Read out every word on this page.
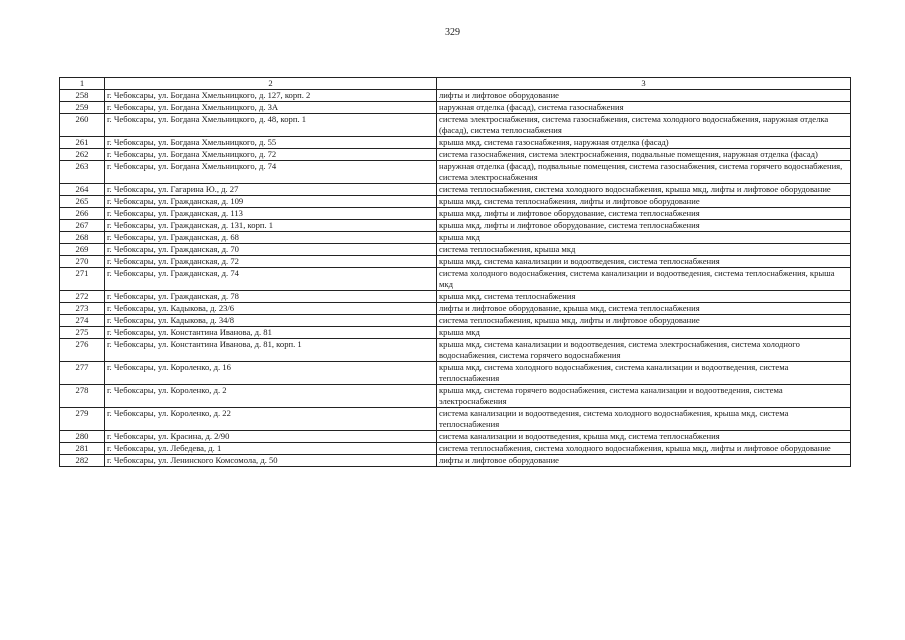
329
1	2	3
258	г. Чебоксары, ул. Богдана Хмельницкого, д. 127, корп. 2	лифты и лифтовое оборудование
259	г. Чебоксары, ул. Богдана Хмельницкого, д. 3А	наружная отделка (фасад), система газоснабжения
260	г. Чебоксары, ул. Богдана Хмельницкого, д. 48, корп. 1	система электроснабжения, система газоснабжения, система холодного водоснабжения, наружная отделка (фасад), система теплоснабжения
261	г. Чебоксары, ул. Богдана Хмельницкого, д. 55	крыша мкд, система газоснабжения, наружная отделка (фасад)
262	г. Чебоксары, ул. Богдана Хмельницкого, д. 72	система газоснабжения, система электроснабжения, подвальные помещения, наружная отделка (фасад)
263	г. Чебоксары, ул. Богдана Хмельницкого, д. 74	наружная отделка (фасад), подвальные помещения, система газоснабжения, система горячего водоснабжения, система электроснабжения
264	г. Чебоксары, ул. Гагарина Ю., д. 27	система теплоснабжения, система холодного водоснабжения, крыша мкд, лифты и лифтовое оборудование
265	г. Чебоксары, ул. Гражданская, д. 109	крыша мкд, система теплоснабжения, лифты и лифтовое оборудование
266	г. Чебоксары, ул. Гражданская, д. 113	крыша мкд, лифты и лифтовое оборудование, система теплоснабжения
267	г. Чебоксары, ул. Гражданская, д. 131, корп. 1	крыша мкд, лифты и лифтовое оборудование, система теплоснабжения
268	г. Чебоксары, ул. Гражданская, д. 68	крыша мкд
269	г. Чебоксары, ул. Гражданская, д. 70	система теплоснабжения, крыша мкд
270	г. Чебоксары, ул. Гражданская, д. 72	крыша мкд, система канализации и водоотведения, система теплоснабжения
271	г. Чебоксары, ул. Гражданская, д. 74	система холодного водоснабжения, система канализации и водоотведения, система теплоснабжения, крыша мкд
272	г. Чебоксары, ул. Гражданская, д. 78	крыша мкд, система теплоснабжения
273	г. Чебоксары, ул. Кадыкова, д. 23/6	лифты и лифтовое оборудование, крыша мкд, система теплоснабжения
274	г. Чебоксары, ул. Кадыкова, д. 34/8	система теплоснабжения, крыша мкд, лифты и лифтовое оборудование
275	г. Чебоксары, ул. Константина Иванова, д. 81	крыша мкд
276	г. Чебоксары, ул. Константина Иванова, д. 81, корп. 1	крыша мкд, система канализации и водоотведения, система электроснабжения, система холодного водоснабжения, система горячего водоснабжения
277	г. Чебоксары, ул. Короленко, д. 16	крыша мкд, система холодного водоснабжения, система канализации и водоотведения, система теплоснабжения
278	г. Чебоксары, ул. Короленко, д. 2	крыша мкд, система горячего водоснабжения, система канализации и водоотведения, система электроснабжения
279	г. Чебоксары, ул. Короленко, д. 22	система канализации и водоотведения, система холодного водоснабжения, крыша мкд, система теплоснабжения
280	г. Чебоксары, ул. Красина, д. 2/90	система канализации и водоотведения, крыша мкд, система теплоснабжения
281	г. Чебоксары, ул. Лебедева, д. 1	система теплоснабжения, система холодного водоснабжения, крыша мкд, лифты и лифтовое оборудование
282	г. Чебоксары, ул. Ленинского Комсомола, д. 50	лифты и лифтовое оборудование
